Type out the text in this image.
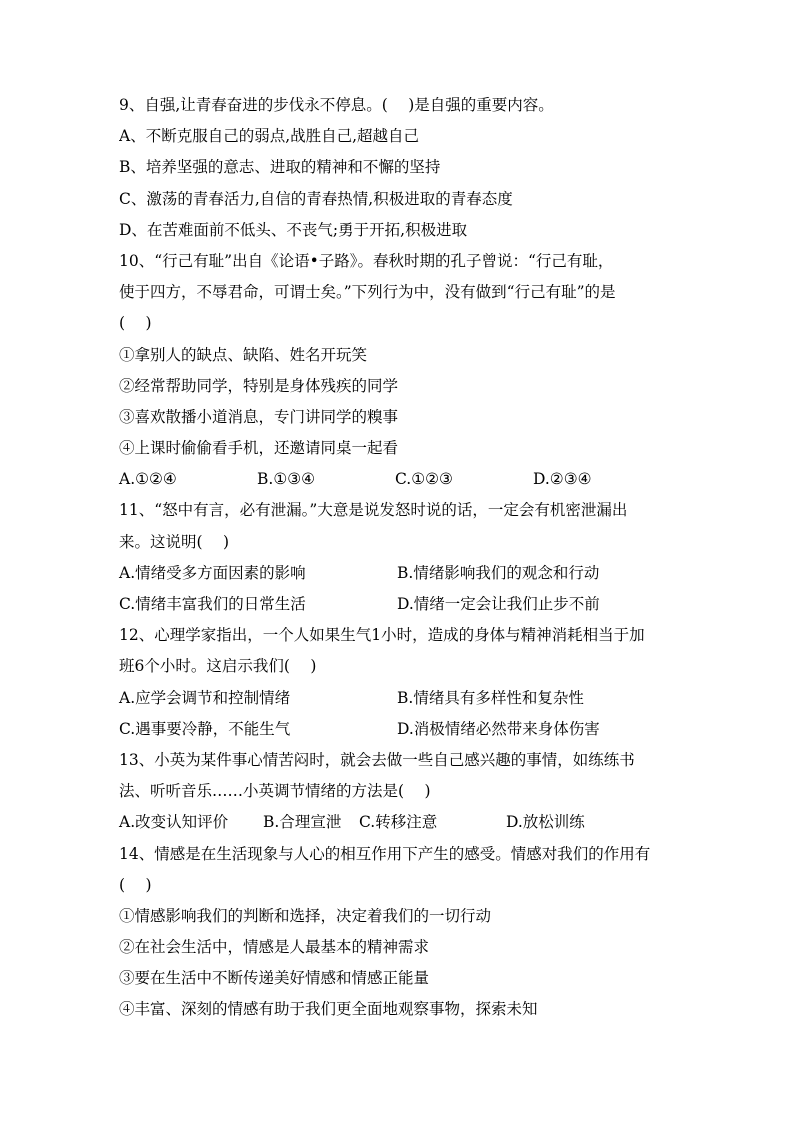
9、自强,让青春奋进的步伐永不停息。(　 )是自强的重要内容。
A、不断克服自己的弱点,战胜自己,超越自己
B、培养坚强的意志、进取的精神和不懈的坚持
C、激荡的青春活力,自信的青春热情,积极进取的青春态度
D、在苦难面前不低头、不丧气;勇于开拓,积极进取
10、“行己有耻”出自《论语•子路》。春秋时期的孔子曾说：“行己有耻，
使于四方，不辱君命，可谓士矣。”下列行为中，没有做到“行己有耻”的是
(　 )
①拿别人的缺点、缺陷、姓名开玩笑
②经常帮助同学，特别是身体残疾的同学
③喜欢散播小道消息，专门讲同学的糗事
④上课时偷偷看手机，还邀请同桌一起看
A.①②④	B.①③④	C.①②③	D.②③④
11、“怒中有言，必有泄漏。”大意是说发怒时说的话，一定会有机密泄漏出
来。这说明(　 )
A.情绪受多方面因素的影响	B.情绪影响我们的观念和行动
C.情绪丰富我们的日常生活	D.情绪一定会让我们止步不前
12、心理学家指出，一个人如果生气1小时，造成的身体与精神消耗相当于加
班6个小时。这启示我们(　 )
A.应学会调节和控制情绪	B.情绪具有多样性和复杂性
C.遇事要冷静，不能生气	D.消极情绪必然带来身体伤害
13、小英为某件事心情苦闷时，就会去做一些自己感兴趣的事情，如练练书
法、听听音乐……小英调节情绪的方法是(　 )
A.改变认知评价	B.合理宣泄	C.转移注意	D.放松训练
14、情感是在生活现象与人心的相互作用下产生的感受。情感对我们的作用有
(　 )
①情感影响我们的判断和选择，决定着我们的一切行动
②在社会生活中，情感是人最基本的精神需求
③要在生活中不断传递美好情感和情感正能量
④丰富、深刻的情感有助于我们更全面地观察事物，探索未知
